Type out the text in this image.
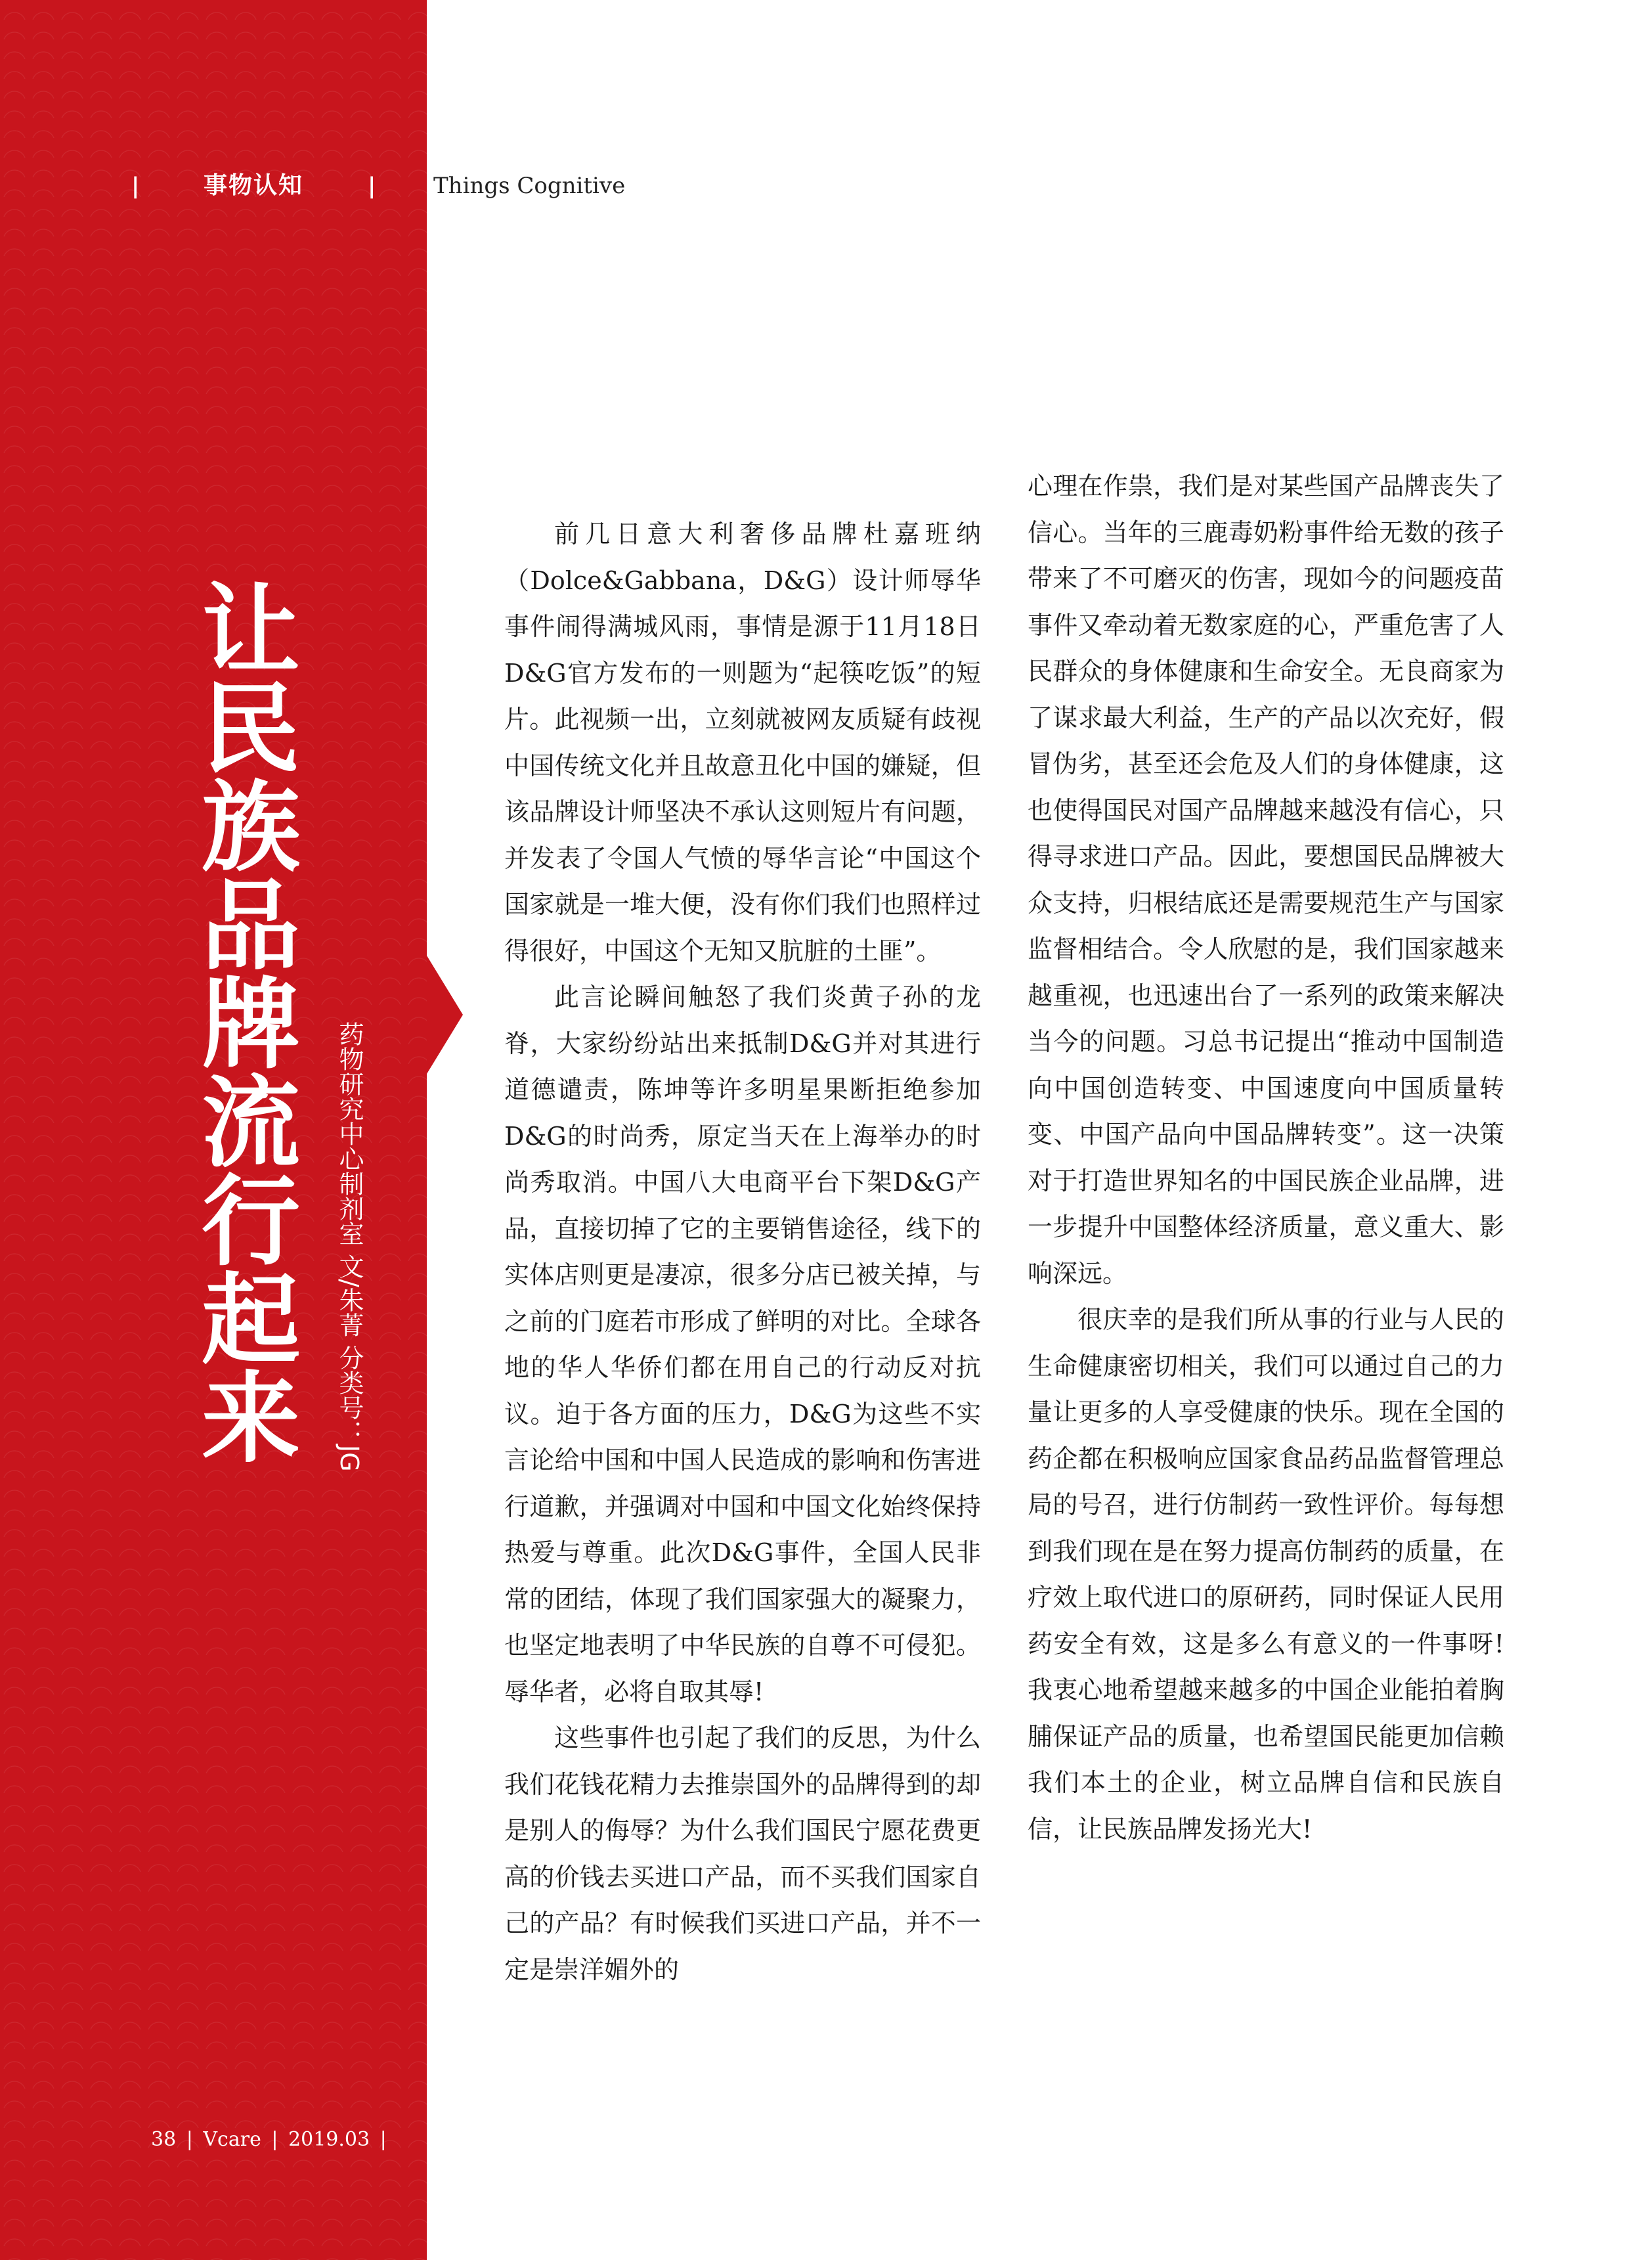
|	事物认知	|	Things Cognitive
让民族品牌流行起来	药物研究中心制剂室 文/朱菁 分类号：JG

前几日意大利奢侈品牌杜嘉班纳（Dolce&Gabbana，D&G）设计师辱华事件闹得满城风雨，事情是源于11月18日D&G官方发布的一则题为“起筷吃饭”的短片。此视频一出，立刻就被网友质疑有歧视中国传统文化并且故意丑化中国的嫌疑，但该品牌设计师坚决不承认这则短片有问题，并发表了令国人气愤的辱华言论“中国这个国家就是一堆大便，没有你们我们也照样过得很好，中国这个无知又肮脏的土匪”。

此言论瞬间触怒了我们炎黄子孙的龙脊，大家纷纷站出来抵制D&G并对其进行道德谴责，陈坤等许多明星果断拒绝参加D&G的时尚秀，原定当天在上海举办的时尚秀取消。中国八大电商平台下架D&G产品，直接切掉了它的主要销售途径，线下的实体店则更是凄凉，很多分店已被关掉，与之前的门庭若市形成了鲜明的对比。全球各地的华人华侨们都在用自己的行动反对抗议。迫于各方面的压力，D&G为这些不实言论给中国和中国人民造成的影响和伤害进行道歉，并强调对中国和中国文化始终保持热爱与尊重。此次D&G事件，全国人民非常的团结，体现了我们国家强大的凝聚力，也坚定地表明了中华民族的自尊不可侵犯。辱华者，必将自取其辱!

这些事件也引起了我们的反思，为什么我们花钱花精力去推崇国外的品牌得到的却是别人的侮辱？为什么我们国民宁愿花费更高的价钱去买进口产品，而不买我们国家自己的产品？有时候我们买进口产品，并不一定是崇洋媚外的

心理在作祟，我们是对某些国产品牌丧失了信心。当年的三鹿毒奶粉事件给无数的孩子带来了不可磨灭的伤害，现如今的问题疫苗事件又牵动着无数家庭的心，严重危害了人民群众的身体健康和生命安全。无良商家为了谋求最大利益，生产的产品以次充好，假冒伪劣，甚至还会危及人们的身体健康，这也使得国民对国产品牌越来越没有信心，只得寻求进口产品。因此，要想国民品牌被大众支持，归根结底还是需要规范生产与国家监督相结合。令人欣慰的是，我们国家越来越重视，也迅速出台了一系列的政策来解决当今的问题。习总书记提出“推动中国制造向中国创造转变、中国速度向中国质量转变、中国产品向中国品牌转变”。这一决策对于打造世界知名的中国民族企业品牌，进一步提升中国整体经济质量，意义重大、影响深远。

很庆幸的是我们所从事的行业与人民的生命健康密切相关，我们可以通过自己的力量让更多的人享受健康的快乐。现在全国的药企都在积极响应国家食品药品监督管理总局的号召，进行仿制药一致性评价。每每想到我们现在是在努力提高仿制药的质量，在疗效上取代进口的原研药，同时保证人民用药安全有效，这是多么有意义的一件事呀!我衷心地希望越来越多的中国企业能拍着胸脯保证产品的质量，也希望国民能更加信赖我们本土的企业，树立品牌自信和民族自信，让民族品牌发扬光大!

38 | Vcare | 2019.03 |
